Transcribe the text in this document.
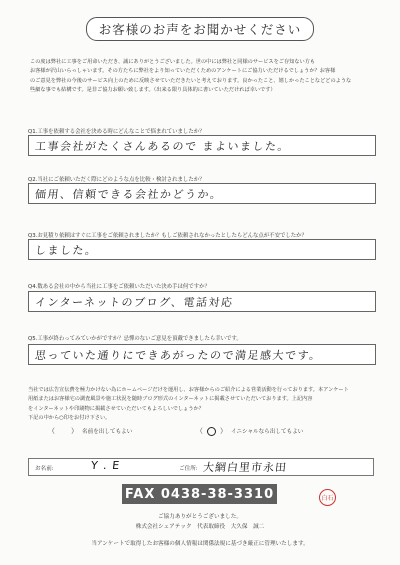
お客様のお声をお聞かせください
この度は弊社に工事をご用命いただき、誠にありがとうございました。世の中には弊社と同様のサービスをご存知ない方も
お客様が沢山いらっしゃいます。その方たちに弊社をより知っていただくためのアンケートにご協力いただけるでしょうか？お客様
のご意見を弊社の今後のサービス向上のために反映させていただきたいと考えております。良かったこと、嬉しかったことなどどのような
些細な事でも結構です。是非ご協力お願い致します。（出来る限り具体的に書いていただければ幸いです）
Q1.工事を依頼する会社を決める時にどんなことで悩まれていましたか？
工事会社がたくさんあるので まよいました。
Q2.当社にご依頼いただく際にどのような点を比較・検討されましたか？
価用、信頼できる会社かどうか。
Q3.お見積り依頼はすぐに工事をご依頼されましたか？もしご依頼されなかったとしたらどんな点が不安でしたか？
しました。
Q4.数ある会社の中から当社に工事をご依頼いただいた決め手は何ですか？
インターネットのブログ、電話対応
Q5.工事が終わってみていかがですか？忌憚のないご意見を頂戴できましたら幸いです。
思っていた通りにできあがったので満足感大です。
当社では広告宣伝費を極力かけない為にホームページだけを運用し、お客様からのご紹介による営業活動を行っております。本アンケート
用紙またはお客様宅の調査風景や施工状況を随時ブログ形式のインターネットに掲載させていただいております。上記内容
をインターネットや印刷物に掲載させていただいてもよろしいでしょうか？
下記の中から○印をお付け下さい。
（ ） 名前を出してもよい	（ ） イニシャルなら出してもよい
お名前:	Y . E	ご住所: 大網白里市永田
FAX 0438-38-3310	白石
ご協力ありがとうございました。
株式会社シェアテック　代表取締役　大久保　誠二
当アンケートで取得したお客様の個人情報は関係法規に基づき厳正に管理いたします。
